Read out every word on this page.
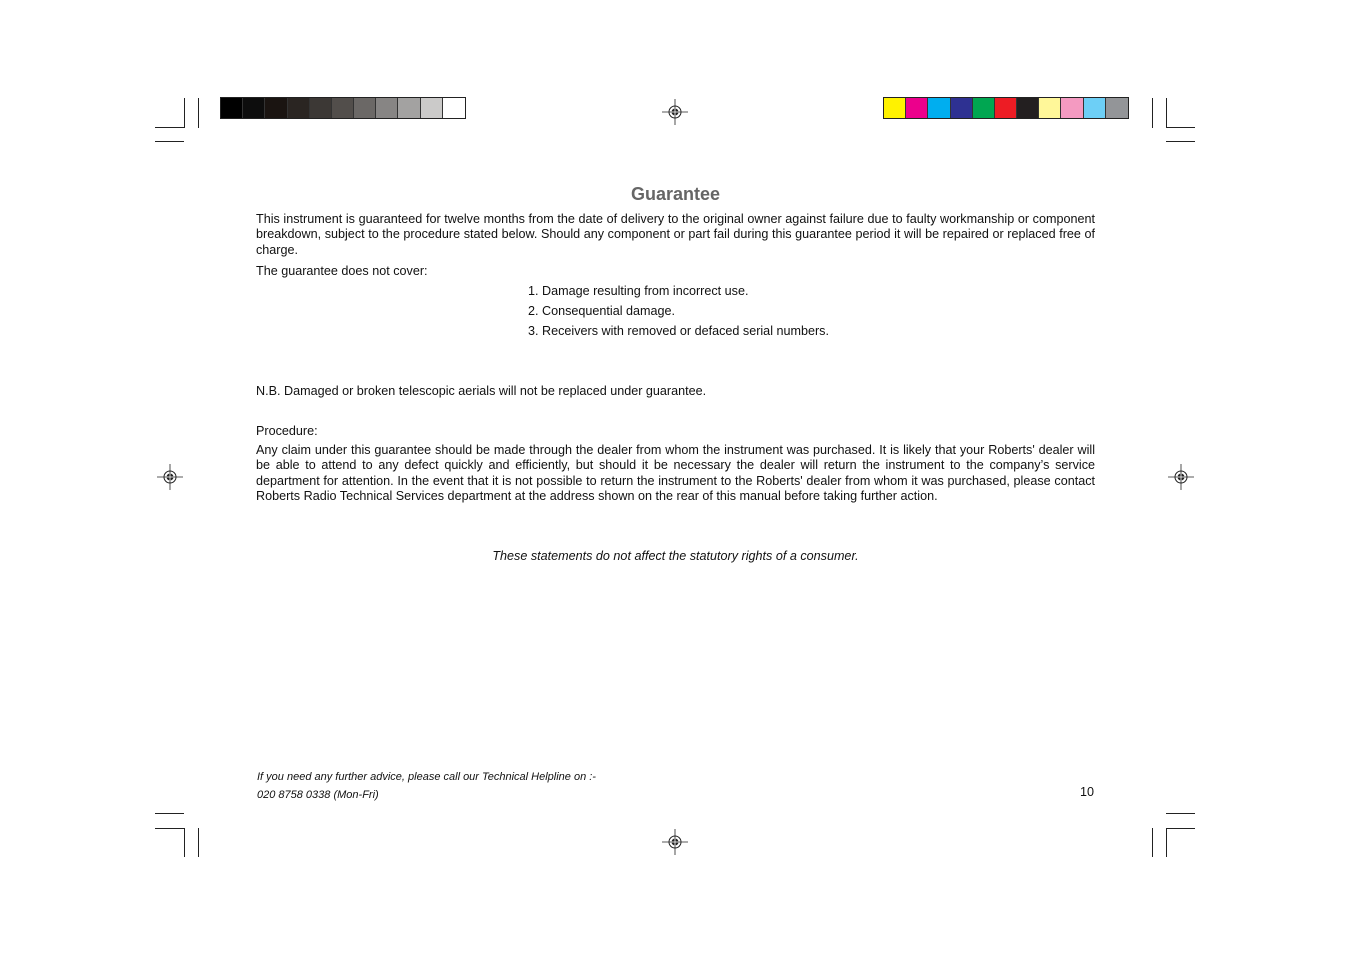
Guarantee
This instrument is guaranteed for twelve months from the date of delivery to the original owner against failure due to faulty workmanship or component breakdown, subject to the procedure stated below. Should any component or part fail during this guarantee period it will be repaired or replaced free of charge.
The guarantee does not cover:
1. Damage resulting from incorrect use.
2. Consequential damage.
3. Receivers with removed or defaced serial numbers.
N.B. Damaged or broken telescopic aerials will not be replaced under guarantee.
Procedure:
Any claim under this guarantee should be made through the dealer from whom the instrument was purchased. It is likely that your Roberts' dealer will be able to attend to any defect quickly and efficiently, but should it be necessary the dealer will return the instrument to the company’s service department for attention. In the event that it is not possible to return the instrument to the Roberts' dealer from whom it was purchased, please contact Roberts Radio Technical Services department at the address shown on the rear of this manual before taking further action.
These statements do not affect the statutory rights of a consumer.
If you need any further advice, please call our Technical Helpline on :-
020 8758 0338 (Mon-Fri)	10
